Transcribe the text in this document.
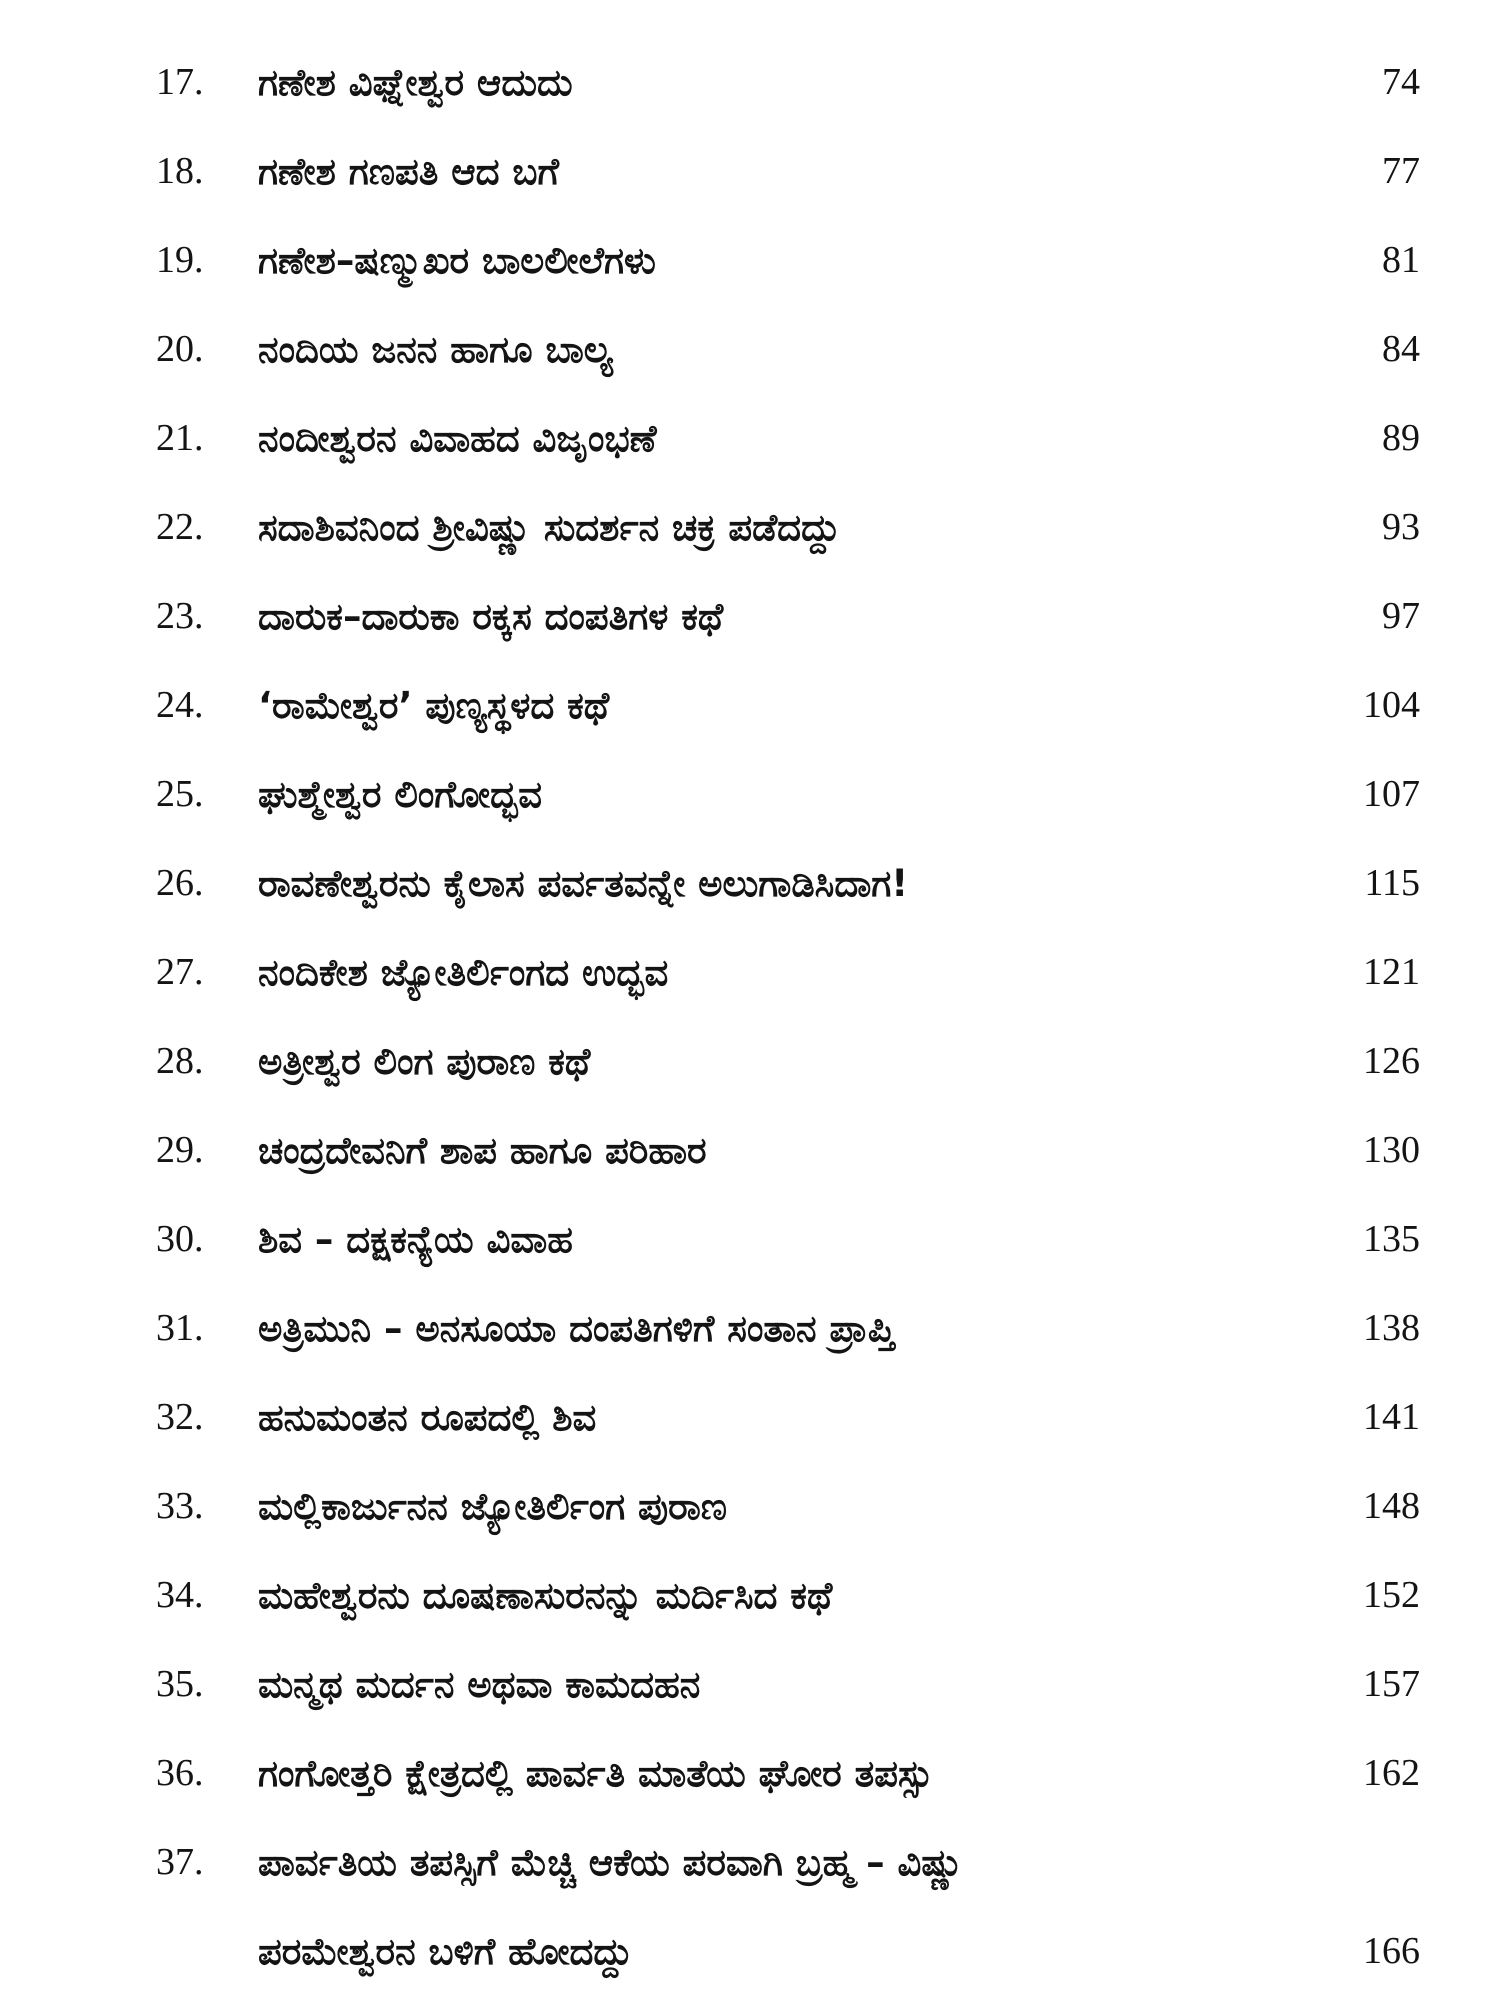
17.	ಗಣೇಶ ವಿಘ್ನೇಶ್ವರ ಆದುದು	74
18.	ಗಣೇಶ ಗಣಪತಿ ಆದ ಬಗೆ	77
19.	ಗಣೇಶ–ಷಣ್ಮುಖರ ಬಾಲಲೀಲೆಗಳು	81
20.	ನಂದಿಯ ಜನನ ಹಾಗೂ ಬಾಲ್ಯ	84
21.	ನಂದೀಶ್ವರನ ವಿವಾಹದ ವಿಜೃಂಭಣೆ	89
22.	ಸದಾಶಿವನಿಂದ ಶ್ರೀವಿಷ್ಣು ಸುದರ್ಶನ ಚಕ್ರ ಪಡೆದದ್ದು	93
23.	ದಾರುಕ–ದಾರುಕಾ ರಕ್ಕಸ ದಂಪತಿಗಳ ಕಥೆ	97
24.	‘ರಾಮೇಶ್ವರ’ ಪುಣ್ಯಸ್ಥಳದ ಕಥೆ	104
25.	ಘುಶ್ಮೇಶ್ವರ ಲಿಂಗೋದ್ಭವ	107
26.	ರಾವಣೇಶ್ವರನು ಕೈಲಾಸ ಪರ್ವತವನ್ನೇ ಅಲುಗಾಡಿಸಿದಾಗ!	115
27.	ನಂದಿಕೇಶ ಜ್ಯೋತಿರ್ಲಿಂಗದ ಉದ್ಭವ	121
28.	ಅತ್ರೀಶ್ವರ ಲಿಂಗ ಪುರಾಣ ಕಥೆ	126
29.	ಚಂದ್ರದೇವನಿಗೆ ಶಾಪ ಹಾಗೂ ಪರಿಹಾರ	130
30.	ಶಿವ – ದಕ್ಷಕನ್ಯೆಯ ವಿವಾಹ	135
31.	ಅತ್ರಿಮುನಿ – ಅನಸೂಯಾ ದಂಪತಿಗಳಿಗೆ ಸಂತಾನ ಪ್ರಾಪ್ತಿ	138
32.	ಹನುಮಂತನ ರೂಪದಲ್ಲಿ ಶಿವ	141
33.	ಮಲ್ಲಿಕಾರ್ಜುನನ ಜ್ಯೋತಿರ್ಲಿಂಗ ಪುರಾಣ	148
34.	ಮಹೇಶ್ವರನು ದೂಷಣಾಸುರನನ್ನು ಮರ್ದಿಸಿದ ಕಥೆ	152
35.	ಮನ್ಮಥ ಮರ್ದನ ಅಥವಾ ಕಾಮದಹನ	157
36.	ಗಂಗೋತ್ತರಿ ಕ್ಷೇತ್ರದಲ್ಲಿ ಪಾರ್ವತಿ ಮಾತೆಯ ಘೋರ ತಪಸ್ಸು	162
37.	ಪಾರ್ವತಿಯ ತಪಸ್ಸಿಗೆ ಮೆಚ್ಚಿ ಆಕೆಯ ಪರವಾಗಿ ಬ್ರಹ್ಮ – ವಿಷ್ಣು
ಪರಮೇಶ್ವರನ ಬಳಿಗೆ ಹೋದದ್ದು	166
